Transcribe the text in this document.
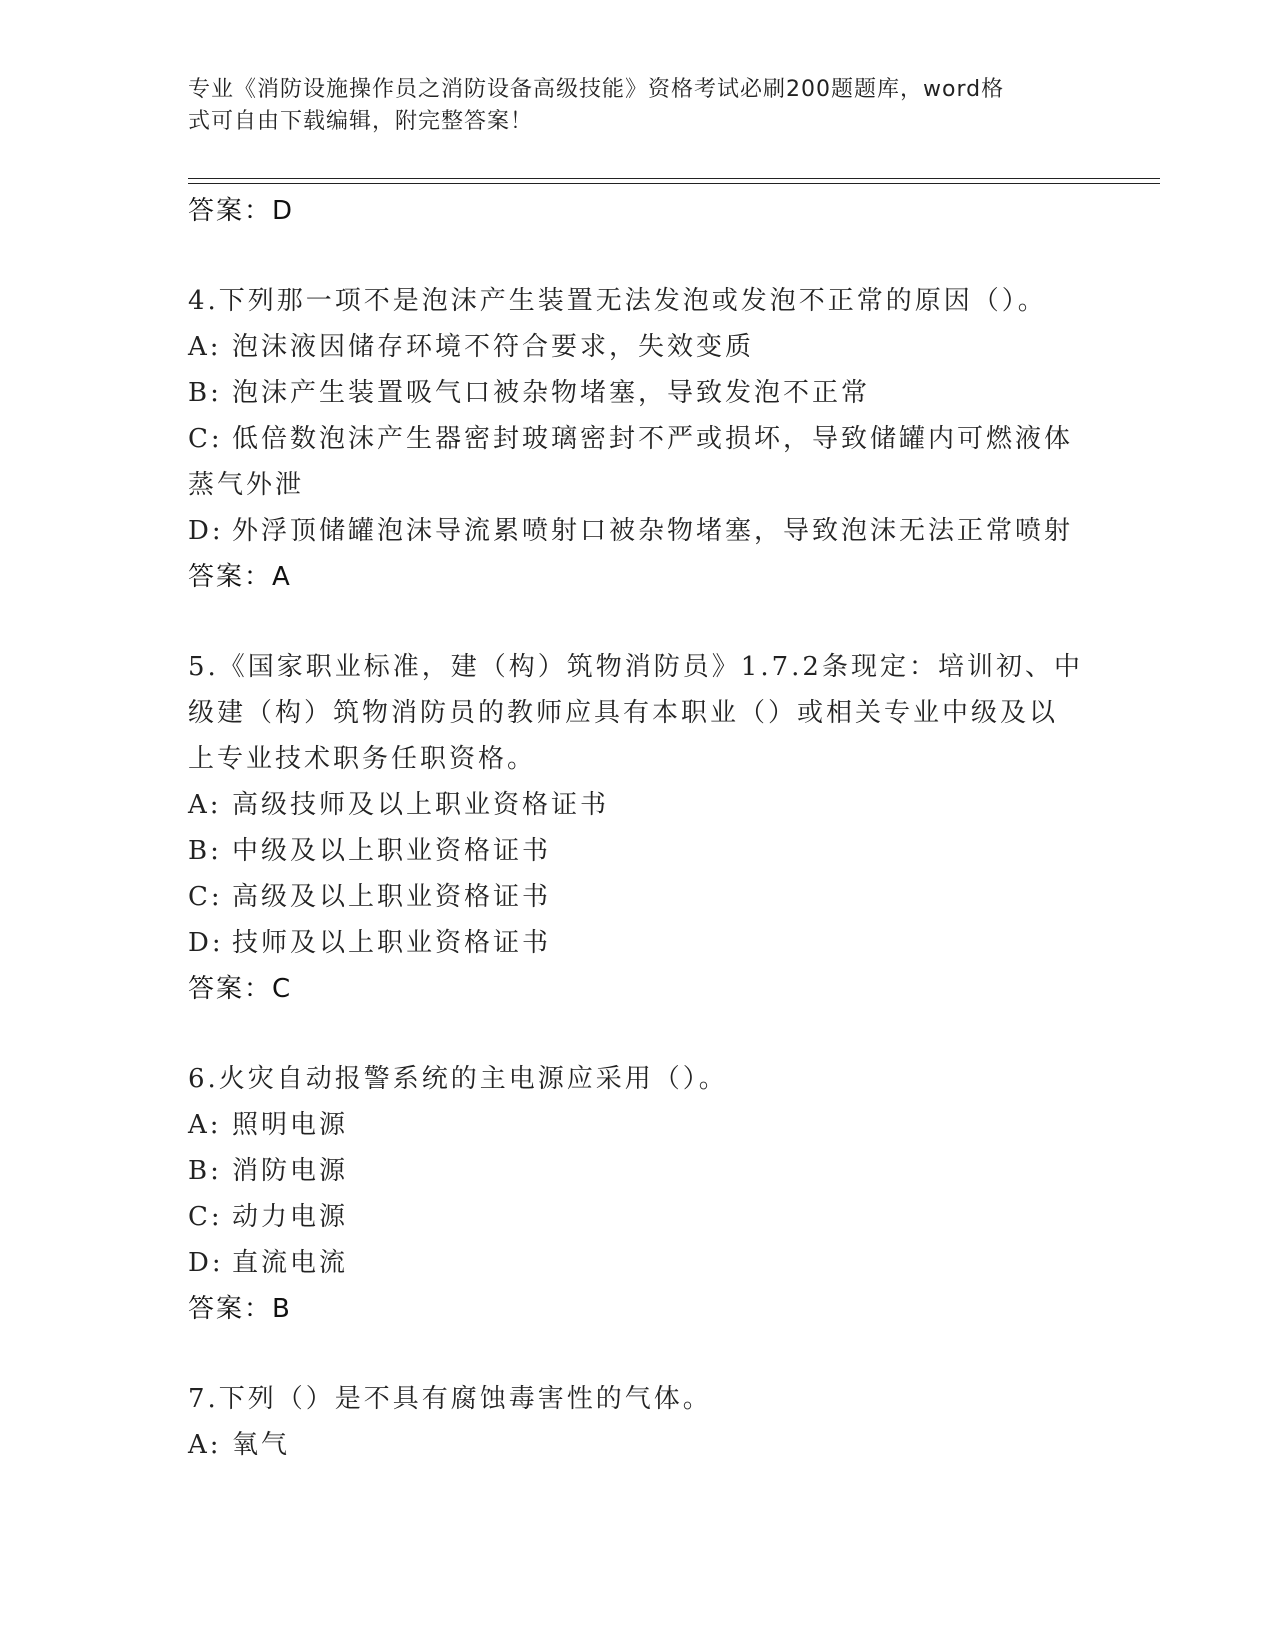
专业《消防设施操作员之消防设备高级技能》资格考试必刷200题题库，word格
式可自由下载编辑，附完整答案！

答案：D

4.下列那一项不是泡沫产生装置无法发泡或发泡不正常的原因（）。

A: 泡沫液因储存环境不符合要求，失效变质

B: 泡沫产生装置吸气口被杂物堵塞，导致发泡不正常

C: 低倍数泡沫产生器密封玻璃密封不严或损坏，导致储罐内可燃液体

蒸气外泄

D: 外浮顶储罐泡沫导流累喷射口被杂物堵塞，导致泡沫无法正常喷射

答案：A

5.《国家职业标准，建（构）筑物消防员》1.7.2条现定：培训初、中

级建（构）筑物消防员的教师应具有本职业（）或相关专业中级及以

上专业技术职务任职资格。

A: 高级技师及以上职业资格证书

B: 中级及以上职业资格证书

C: 高级及以上职业资格证书

D: 技师及以上职业资格证书

答案：C

6.火灾自动报警系统的主电源应采用（）。

A: 照明电源

B: 消防电源

C: 动力电源

D: 直流电流

答案：B

7.下列（）是不具有腐蚀毒害性的气体。

A: 氧气
